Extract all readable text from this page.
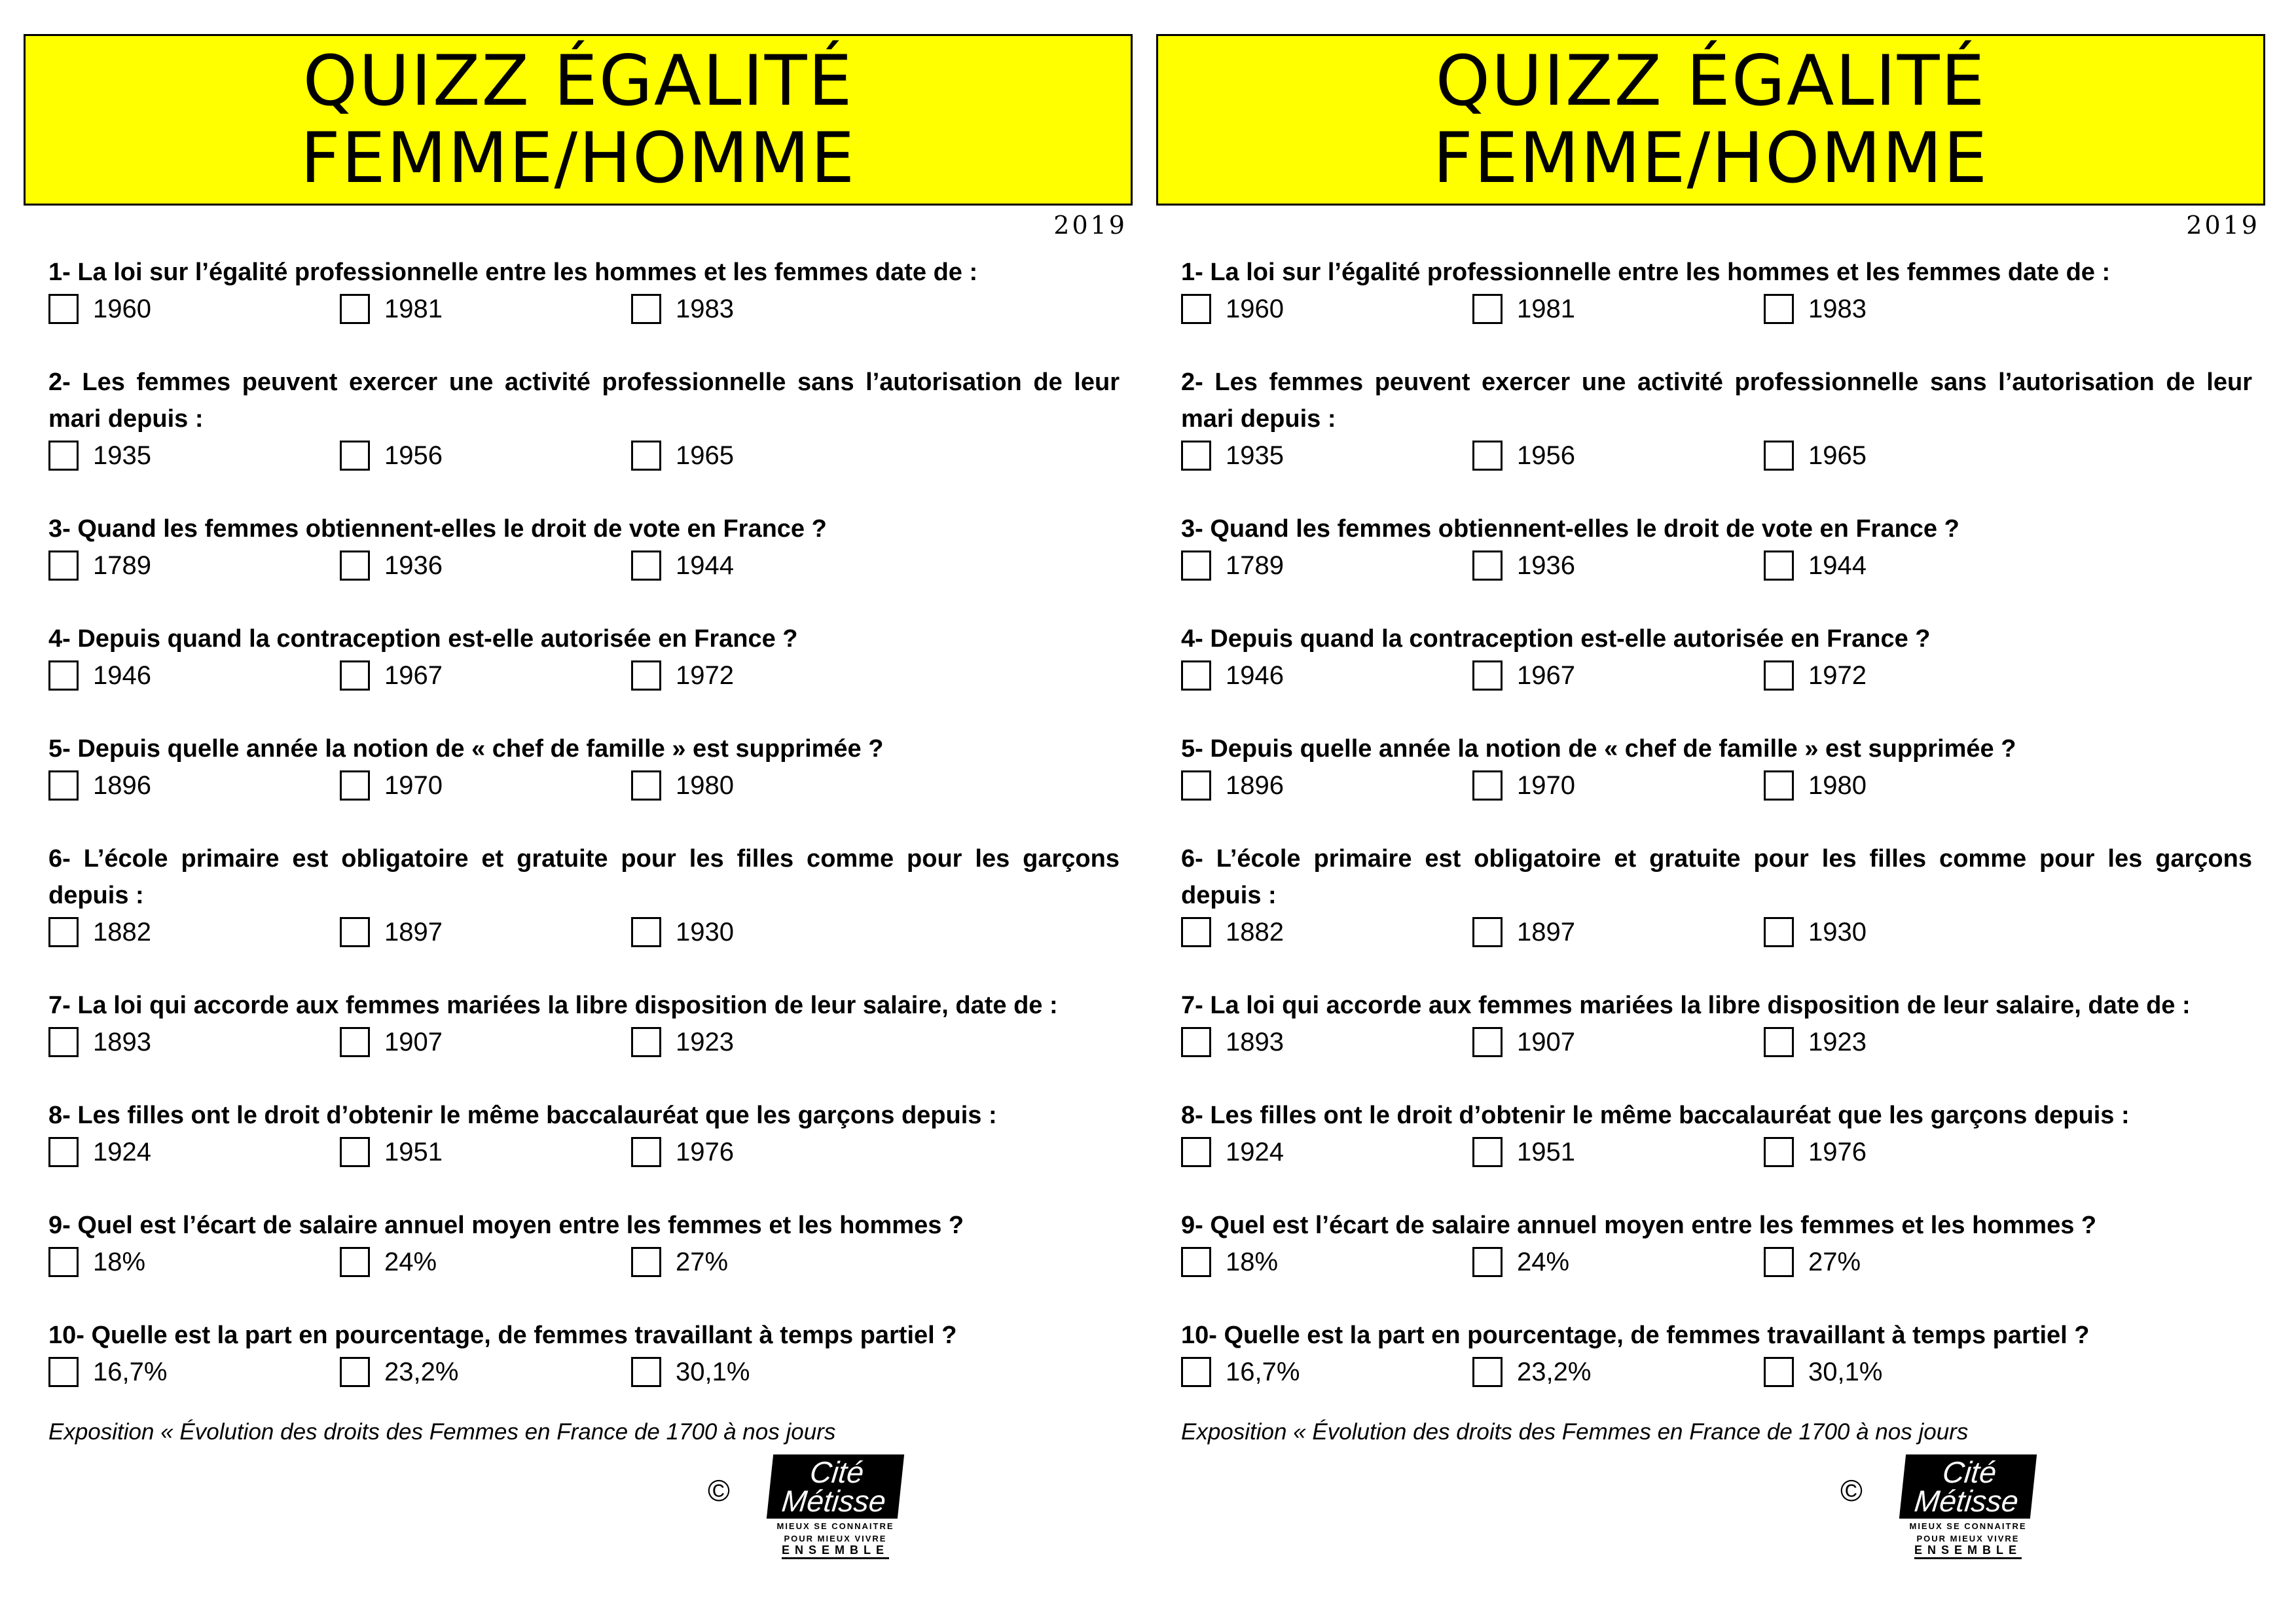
QUIZZ ÉGALITÉ
FEMME/HOMME
2019

1- La loi sur l’égalité professionnelle entre les hommes et les femmes date de :

1960	1981	1983

2- Les femmes peuvent exercer une activité professionnelle sans l’autorisation de leur mari depuis :

1935	1956	1965

3- Quand les femmes obtiennent-elles le droit de vote en France ?

1789	1936	1944

4- Depuis quand la contraception est-elle autorisée en France ?

1946	1967	1972

5- Depuis quelle année la notion de « chef de famille » est supprimée ?

1896	1970	1980

6- L’école primaire est obligatoire et gratuite pour les filles comme pour les garçons depuis :

1882	1897	1930

7- La loi qui accorde aux femmes mariées la libre disposition de leur salaire, date de :

1893	1907	1923

8- Les filles ont le droit d’obtenir le même baccalauréat que les garçons depuis :

1924	1951	1976

9- Quel est l’écart de salaire annuel moyen entre les femmes et les hommes ?

18%	24%	27%

10- Quelle est la part en pourcentage, de femmes travaillant à temps partiel ?

16,7%	23,2%	30,1%
Exposition « Évolution des droits des Femmes en France de 1700 à nos jours
©
Cité
Métisse
MIEUX SE CONNAITRE
POUR MIEUX VIVRE
ENSEMBLE
QUIZZ ÉGALITÉ
FEMME/HOMME
2019

1- La loi sur l’égalité professionnelle entre les hommes et les femmes date de :

1960	1981	1983

2- Les femmes peuvent exercer une activité professionnelle sans l’autorisation de leur mari depuis :

1935	1956	1965

3- Quand les femmes obtiennent-elles le droit de vote en France ?

1789	1936	1944

4- Depuis quand la contraception est-elle autorisée en France ?

1946	1967	1972

5- Depuis quelle année la notion de « chef de famille » est supprimée ?

1896	1970	1980

6- L’école primaire est obligatoire et gratuite pour les filles comme pour les garçons depuis :

1882	1897	1930

7- La loi qui accorde aux femmes mariées la libre disposition de leur salaire, date de :

1893	1907	1923

8- Les filles ont le droit d’obtenir le même baccalauréat que les garçons depuis :

1924	1951	1976

9- Quel est l’écart de salaire annuel moyen entre les femmes et les hommes ?

18%	24%	27%

10- Quelle est la part en pourcentage, de femmes travaillant à temps partiel ?

16,7%	23,2%	30,1%
Exposition « Évolution des droits des Femmes en France de 1700 à nos jours
©
Cité
Métisse
MIEUX SE CONNAITRE
POUR MIEUX VIVRE
ENSEMBLE
